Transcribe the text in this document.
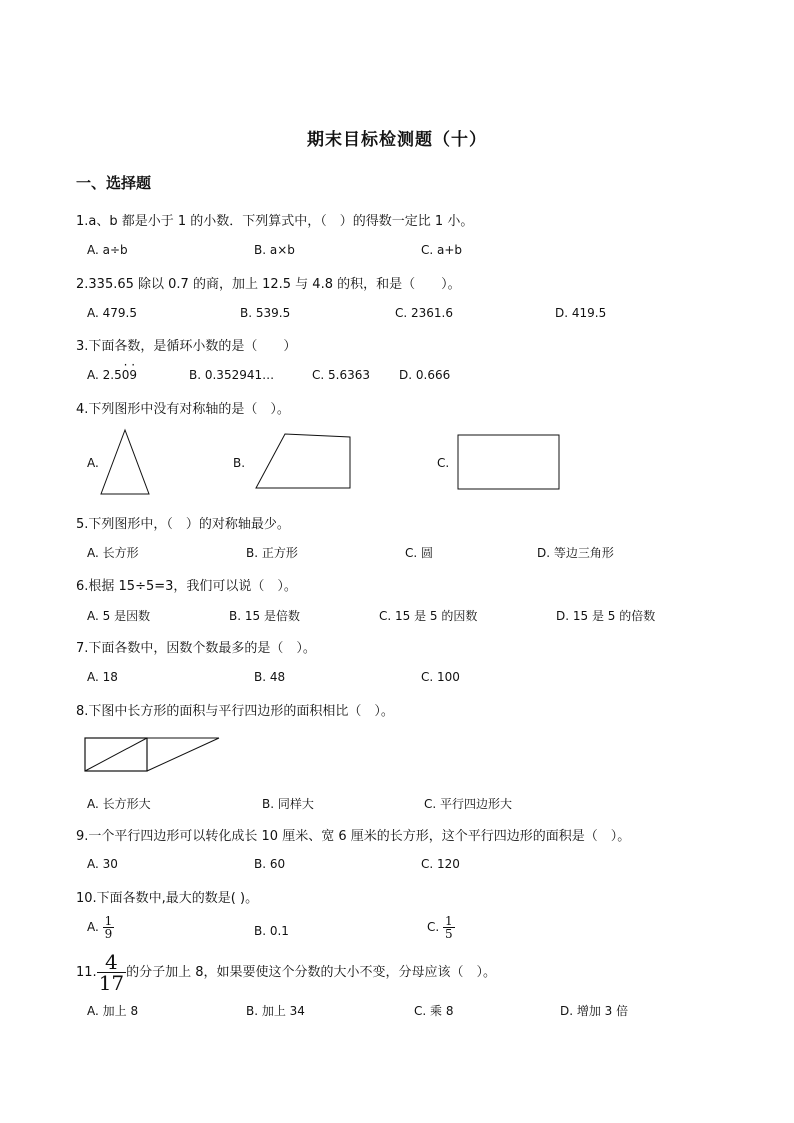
期末目标检测题（十）
一、选择题
1.a、b 都是小于 1 的小数．下列算式中，（　）的得数一定比 1 小。
A. a÷b	B. a×b	C. a+b
2.335.65 除以 0.7 的商，加上 12.5 与 4.8 的积，和是（　　）。
A. 479.5	B. 539.5	C. 2361.6	D. 419.5
3.下面各数，是循环小数的是（　　）
A. 2.5· 0· 9	B. 0.352941…	C. 5.6363 D. 0.666
4.下列图形中没有对称轴的是（　）。
A.	B.	C.
5.下列图形中，（　）的对称轴最少。
A. 长方形	B. 正方形	C. 圆	D. 等边三角形
6.根据 15÷5=3，我们可以说（　）。
A. 5 是因数	B. 15 是倍数	C. 15 是 5 的因数	D. 15 是 5 的倍数
7.下面各数中，因数个数最多的是（　）。
A. 18	B. 48	C. 100
8.下图中长方形的面积与平行四边形的面积相比（　）。
A. 长方形大	B. 同样大	C. 平行四边形大
9.一个平行四边形可以转化成长 10 厘米、宽 6 厘米的长方形，这个平行四边形的面积是（　）。
A. 30	B. 60	C. 120
10.下面各数中,最大的数是( )。
A. $\frac{1}{9}$	B. 0.1	C. $\frac{1}{5}$
11. $\frac{4}{17}$ 的分子加上 8，如果要使这个分数的大小不变，分母应该（　）。
A. 加上 8	B. 加上 34	C. 乘 8	D. 增加 3 倍
